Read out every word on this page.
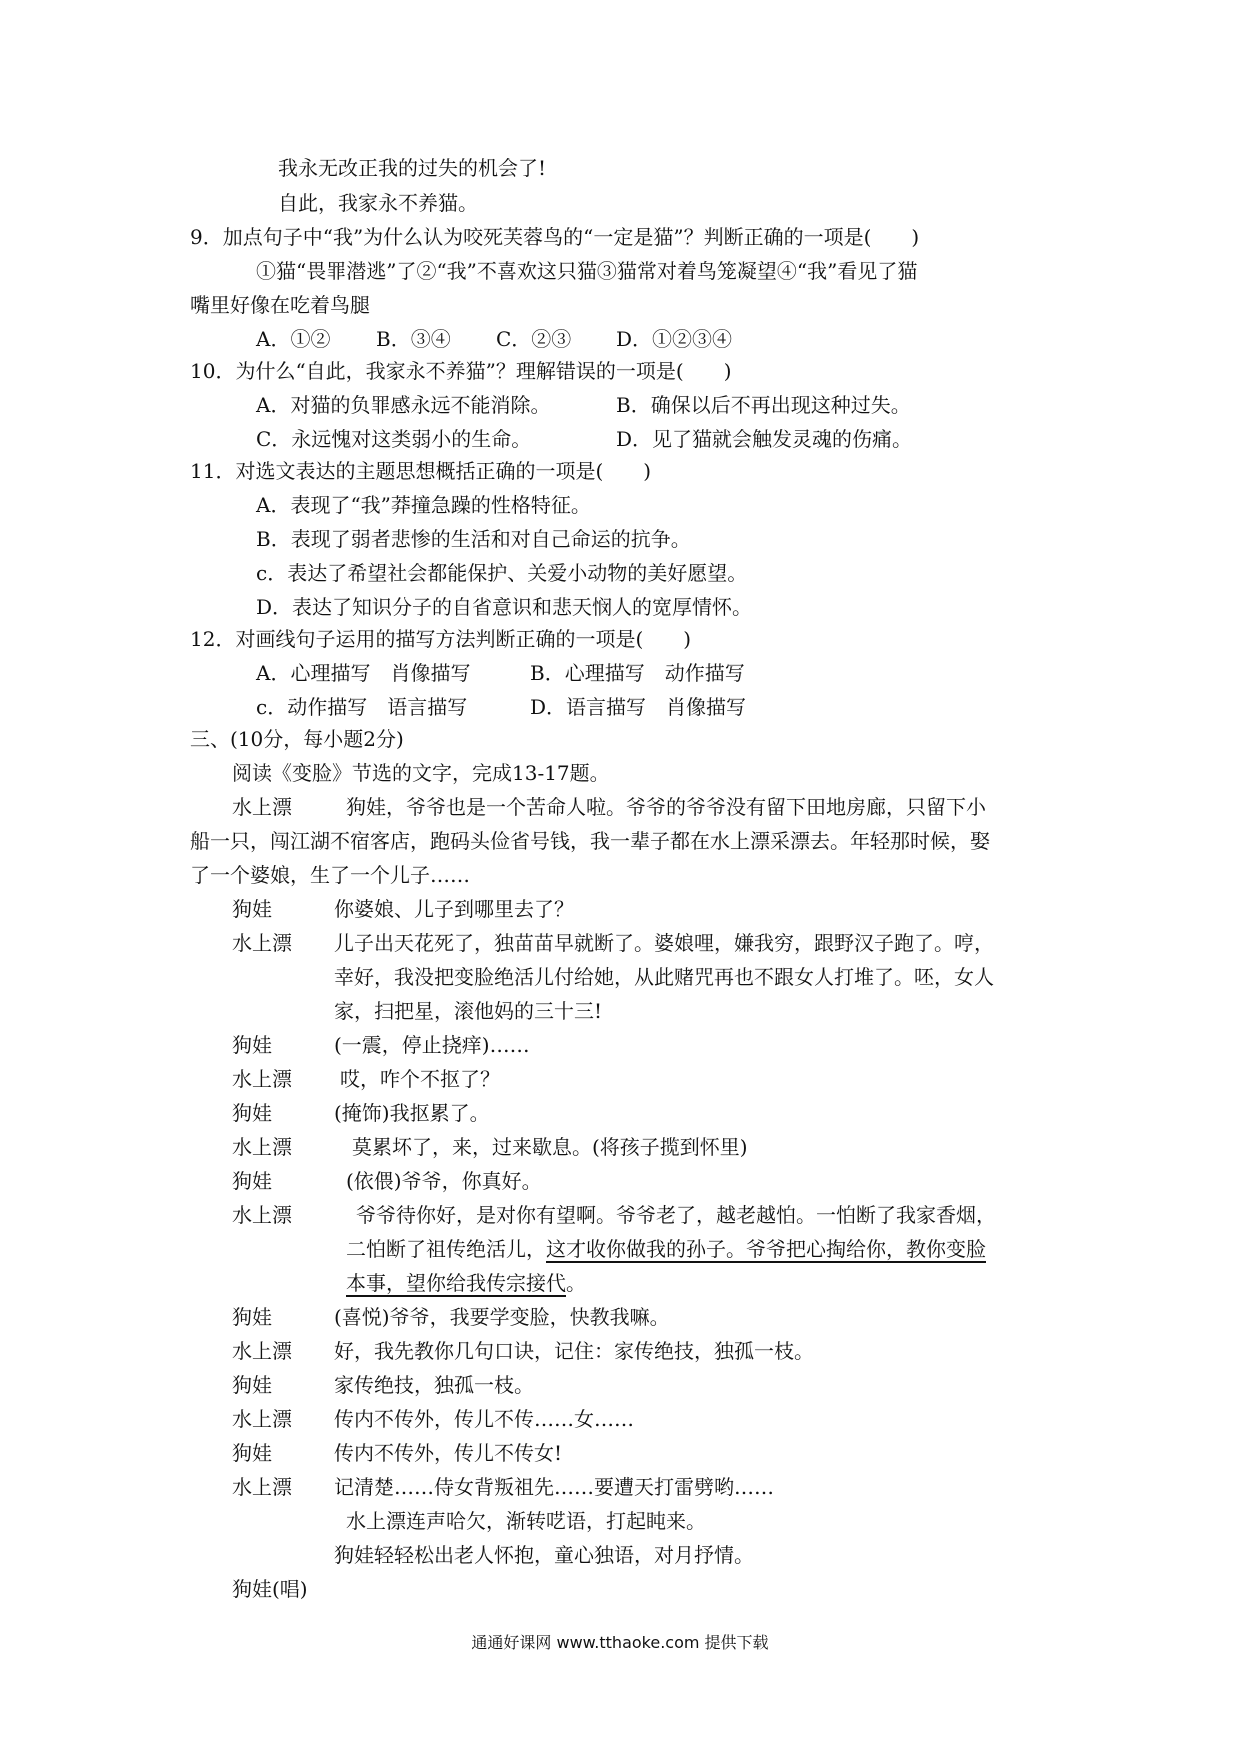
我永无改正我的过失的机会了!
自此，我家永不养猫。
9．加点句子中“我”为什么认为咬死芙蓉鸟的“一定是猫”？判断正确的一项是(　　)
①猫“畏罪潜逃”了②“我”不喜欢这只猫③猫常对着鸟笼凝望④“我”看见了猫
嘴里好像在吃着鸟腿
A．①② B．③④ C．②③ D．①②③④
10．为什么“自此，我家永不养猫”？理解错误的一项是(　　)
A．对猫的负罪感永远不能消除。	B．确保以后不再出现这种过失。
C．永远愧对这类弱小的生命。	D．见了猫就会触发灵魂的伤痛。
11．对选文表达的主题思想概括正确的一项是(　　)
A．表现了“我”莽撞急躁的性格特征。
B．表现了弱者悲惨的生活和对自己命运的抗争。
c．表达了希望社会都能保护、关爱小动物的美好愿望。
D．表达了知识分子的自省意识和悲天悯人的宽厚情怀。
12．对画线句子运用的描写方法判断正确的一项是(　　)
A．心理描写　肖像描写	B．心理描写　动作描写
c．动作描写　语言描写	D．语言描写　肖像描写
三、(10分，每小题2分)
阅读《变脸》节选的文字，完成13-17题。
水上漂	狗娃，爷爷也是一个苦命人啦。爷爷的爷爷没有留下田地房廊，只留下小
船一只，闯江湖不宿客店，跑码头俭省号钱，我一辈子都在水上漂采漂去。年轻那时候，娶
了一个婆娘，生了一个儿子……
狗娃	你婆娘、儿子到哪里去了？
水上漂 儿子出天花死了，独苗苗早就断了。婆娘哩，嫌我穷，跟野汉子跑了。哼，
幸好，我没把变脸绝活儿付给她，从此赌咒再也不跟女人打堆了。呸，女人
家，扫把星，滚他妈的三十三!
狗娃	(一震，停止挠痒)……
水上漂 哎，咋个不抠了？
狗娃	(掩饰)我抠累了。
水上漂	莫累坏了，来，过来歇息。(将孩子揽到怀里)
狗娃	(依偎)爷爷，你真好。
水上漂	爷爷待你好，是对你有望啊。爷爷老了，越老越怕。一怕断了我家香烟，
二怕断了祖传绝活儿，这才收你做我的孙子。爷爷把心掏给你，教你变脸
本事，望你给我传宗接代。
狗娃	(喜悦)爷爷，我要学变脸，快教我嘛。
水上漂 好，我先教你几句口诀，记住：家传绝技，独孤一枝。
狗娃	家传绝技，独孤一枝。
水上漂 传内不传外，传儿不传……女……
狗娃	传内不传外，传儿不传女!
水上漂 记清楚……侍女背叛祖先……要遭天打雷劈哟……
水上漂连声哈欠，渐转呓语，打起盹来。
狗娃轻轻松出老人怀抱，童心独语，对月抒情。
狗娃(唱)
通通好课网 www.tthaoke.com 提供下载
